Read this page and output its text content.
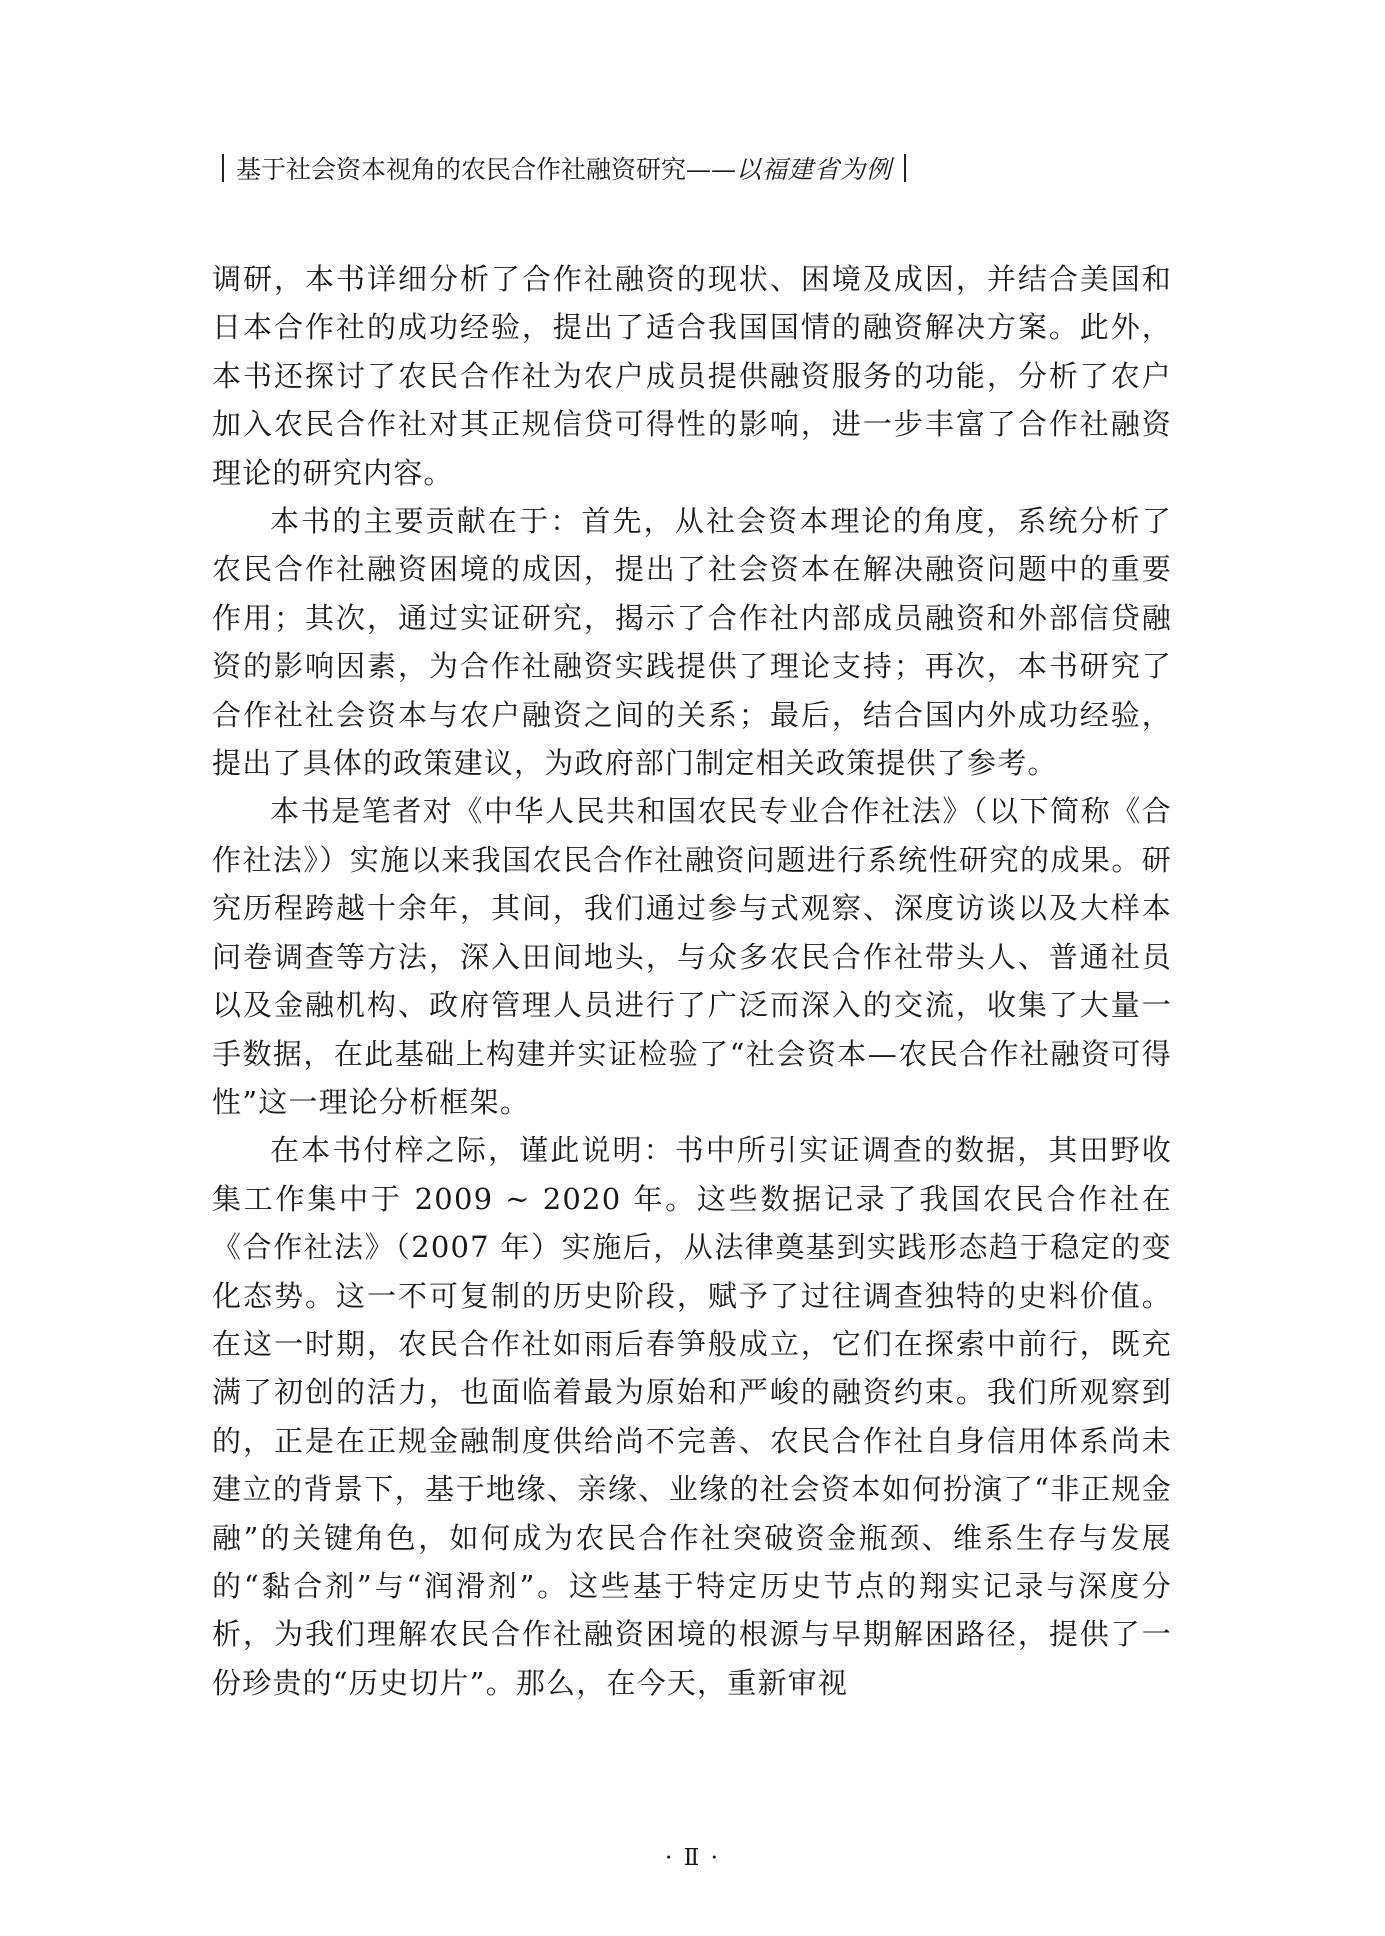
基于社会资本视角的农民合作社融资研究—— 以福建省为例

调研，本书详细分析了合作社融资的现状、困境及成因，并结合美国和日本合作社的成功经验，提出了适合我国国情的融资解决方案。此外，本书还探讨了农民合作社为农户成员提供融资服务的功能，分析了农户加入农民合作社对其正规信贷可得性的影响，进一步丰富了合作社融资理论的研究内容。

本书的主要贡献在于：首先，从社会资本理论的角度，系统分析了农民合作社融资困境的成因，提出了社会资本在解决融资问题中的重要作用；其次，通过实证研究，揭示了合作社内部成员融资和外部信贷融资的影响因素，为合作社融资实践提供了理论支持；再次，本书研究了合作社社会资本与农户融资之间的关系；最后，结合国内外成功经验，提出了具体的政策建议，为政府部门制定相关政策提供了参考。

本书是笔者对《中华人民共和国农民专业合作社法》（以下简称《合作社法》）实施以来我国农民合作社融资问题进行系统性研究的成果。研究历程跨越十余年，其间，我们通过参与式观察、深度访谈以及大样本问卷调查等方法，深入田间地头，与众多农民合作社带头人、普通社员以及金融机构、政府管理人员进行了广泛而深入的交流，收集了大量一手数据，在此基础上构建并实证检验了“社会资本—农民合作社融资可得性”这一理论分析框架。

在本书付梓之际，谨此说明：书中所引实证调查的数据，其田野收集工作集中于 2009 ~ 2020 年。这些数据记录了我国农民合作社在《合作社法》（2007 年）实施后，从法律奠基到实践形态趋于稳定的变化态势。这一不可复制的历史阶段，赋予了过往调查独特的史料价值。在这一时期，农民合作社如雨后春笋般成立，它们在探索中前行，既充满了初创的活力，也面临着最为原始和严峻的融资约束。我们所观察到的，正是在正规金融制度供给尚不完善、农民合作社自身信用体系尚未建立的背景下，基于地缘、亲缘、业缘的社会资本如何扮演了“非正规金融”的关键角色，如何成为农民合作社突破资金瓶颈、维系生存与发展的“黏合剂”与“润滑剂”。这些基于特定历史节点的翔实记录与深度分析，为我们理解农民合作社融资困境的根源与早期解困路径，提供了一份珍贵的“历史切片”。那么，在今天，重新审视

· Ⅱ ·
